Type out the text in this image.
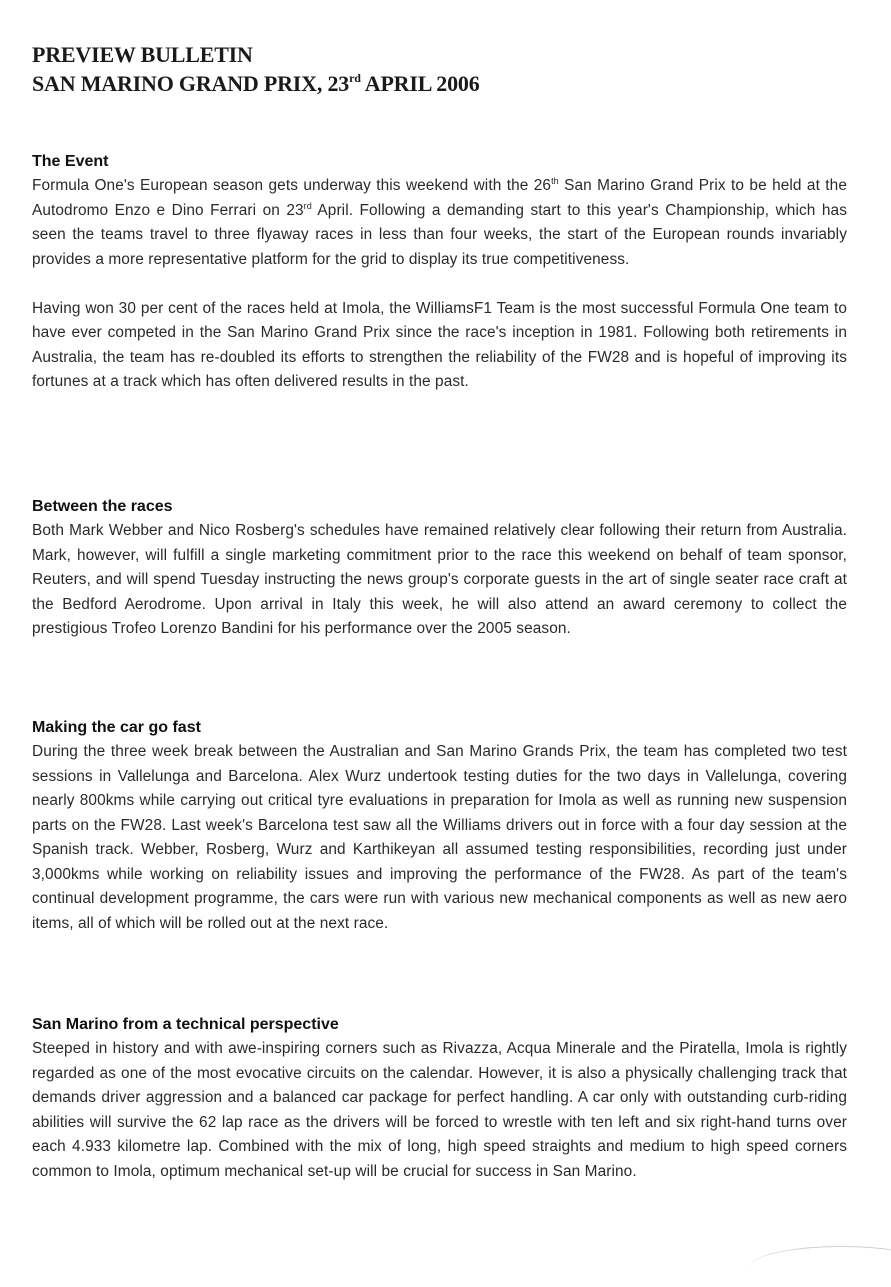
PREVIEW BULLETIN
SAN MARINO GRAND PRIX, 23rd APRIL 2006
The Event

Formula One's European season gets underway this weekend with the 26th San Marino Grand Prix to be held at the Autodromo Enzo e Dino Ferrari on 23rd April. Following a demanding start to this year's Championship, which has seen the teams travel to three flyaway races in less than four weeks, the start of the European rounds invariably provides a more representative platform for the grid to display its true competitiveness.

Having won 30 per cent of the races held at Imola, the WilliamsF1 Team is the most successful Formula One team to have ever competed in the San Marino Grand Prix since the race's inception in 1981. Following both retirements in Australia, the team has re-doubled its efforts to strengthen the reliability of the FW28 and is hopeful of improving its fortunes at a track which has often delivered results in the past.

Between the races

Both Mark Webber and Nico Rosberg's schedules have remained relatively clear following their return from Australia. Mark, however, will fulfill a single marketing commitment prior to the race this weekend on behalf of team sponsor, Reuters, and will spend Tuesday instructing the news group's corporate guests in the art of single seater race craft at the Bedford Aerodrome. Upon arrival in Italy this week, he will also attend an award ceremony to collect the prestigious Trofeo Lorenzo Bandini for his performance over the 2005 season.

Making the car go fast

During the three week break between the Australian and San Marino Grands Prix, the team has completed two test sessions in Vallelunga and Barcelona. Alex Wurz undertook testing duties for the two days in Vallelunga, covering nearly 800kms while carrying out critical tyre evaluations in preparation for Imola as well as running new suspension parts on the FW28. Last week's Barcelona test saw all the Williams drivers out in force with a four day session at the Spanish track. Webber, Rosberg, Wurz and Karthikeyan all assumed testing responsibilities, recording just under 3,000kms while working on reliability issues and improving the performance of the FW28. As part of the team's continual development programme, the cars were run with various new mechanical components as well as new aero items, all of which will be rolled out at the next race.

San Marino from a technical perspective

Steeped in history and with awe-inspiring corners such as Rivazza, Acqua Minerale and the Piratella, Imola is rightly regarded as one of the most evocative circuits on the calendar. However, it is also a physically challenging track that demands driver aggression and a balanced car package for perfect handling. A car only with outstanding curb-riding abilities will survive the 62 lap race as the drivers will be forced to wrestle with ten left and six right-hand turns over each 4.933 kilometre lap. Combined with the mix of long, high speed straights and medium to high speed corners common to Imola, optimum mechanical set-up will be crucial for success in San Marino.
